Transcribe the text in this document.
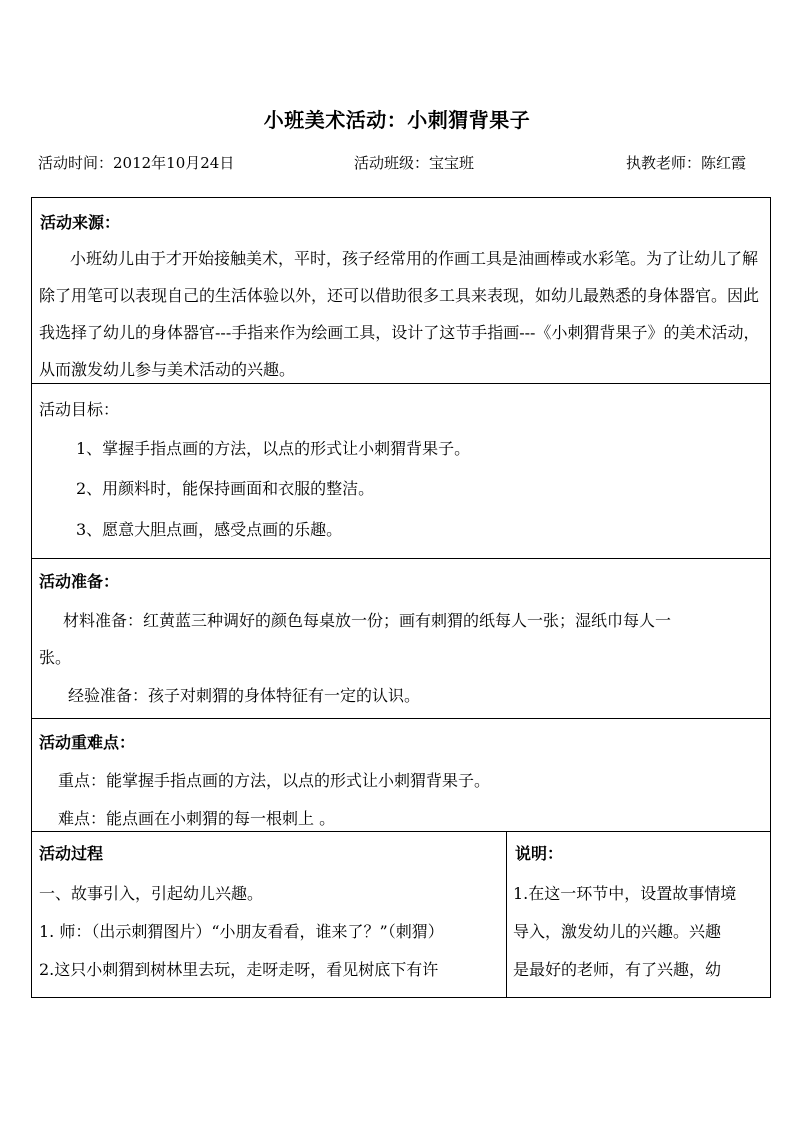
小班美术活动：小刺猬背果子
活动时间：2012年10月24日	活动班级：宝宝班	执教老师：陈红霞
活动来源：
小班幼儿由于才开始接触美术，平时，孩子经常用的作画工具是油画棒或水彩笔。为了让幼儿了解
除了用笔可以表现自己的生活体验以外，还可以借助很多工具来表现，如幼儿最熟悉的身体器官。因此
我选择了幼儿的身体器官---手指来作为绘画工具，设计了这节手指画---《小刺猬背果子》的美术活动，
从而激发幼儿参与美术活动的兴趣。
活动目标：
1、掌握手指点画的方法，以点的形式让小刺猬背果子。
2、用颜料时，能保持画面和衣服的整洁。
3、愿意大胆点画，感受点画的乐趣。
活动准备：
材料准备：红黄蓝三种调好的颜色每桌放一份；画有刺猬的纸每人一张；湿纸巾每人一
张。
经验准备：孩子对刺猬的身体特征有一定的认识。
活动重难点：
重点：能掌握手指点画的方法，以点的形式让小刺猬背果子。
难点：能点画在小刺猬的每一根刺上 。
活动过程
一、故事引入，引起幼儿兴趣。
1. 师：（出示刺猬图片）“小朋友看看，谁来了？”（刺猬）
2.这只小刺猬到树林里去玩，走呀走呀，看见树底下有许
说明：
1.在这一环节中，设置故事情境
导入，激发幼儿的兴趣。兴趣
是最好的老师，有了兴趣，幼
